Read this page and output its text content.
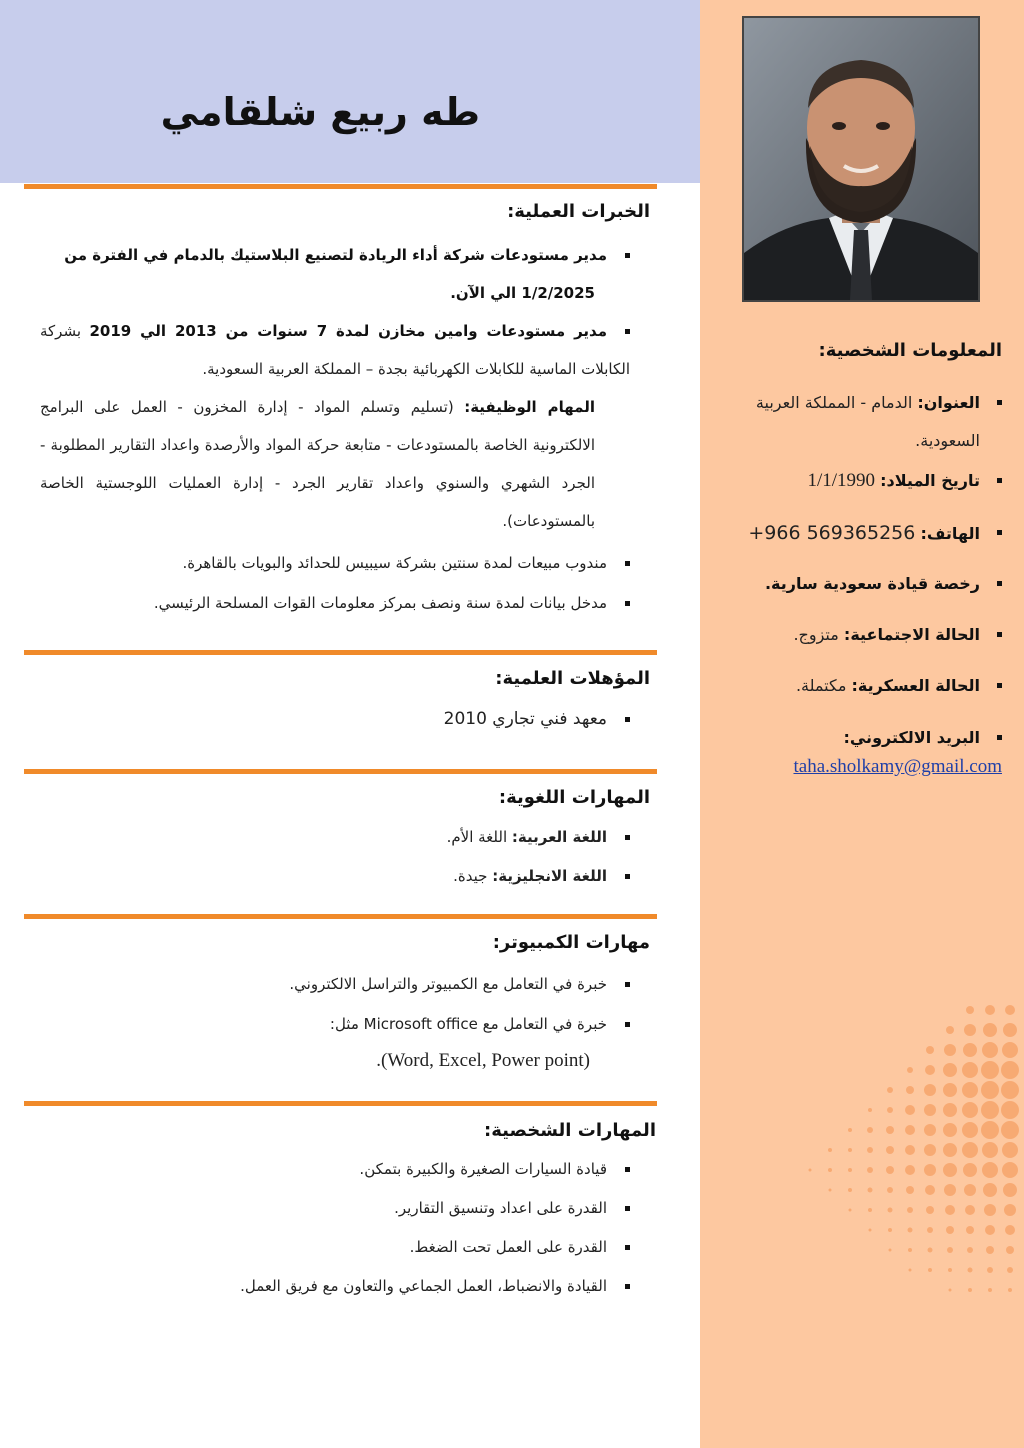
طه ربيع شلقامي
المعلومات الشخصية:
العنوان: الدمام - المملكة العربية السعودية.
تاريخ الميلاد: 1/1/1990
الهاتف: +966 569365256
رخصة قيادة سعودية سارية.
الحالة الاجتماعية: متزوج.
الحالة العسكرية: مكتملة.
البريد الالكتروني:
taha.sholkamy@gmail.com
الخبرات العملية:
مدير مستودعات شركة أداء الريادة لتصنيع البلاستيك بالدمام في الفترة من
1/2/2025 الي الآن.
مدير مستودعات وامين مخازن لمدة 7 سنوات من 2013 الي 2019 بشركة الكابلات الماسية للكابلات الكهربائية بجدة – المملكة العربية السعودية.
المهام الوظيفية: (تسليم وتسلم المواد - إدارة المخزون - العمل على البرامج الالكترونية الخاصة بالمستودعات - متابعة حركة المواد والأرصدة واعداد التقارير المطلوبة - الجرد الشهري والسنوي واعداد تقارير الجرد - إدارة العمليات اللوجستية الخاصة بالمستودعات).
مندوب مبيعات لمدة سنتين بشركة سيبيس للحدائد والبويات بالقاهرة.
مدخل بيانات لمدة سنة ونصف بمركز معلومات القوات المسلحة الرئيسي.
المؤهلات العلمية:
معهد فني تجاري 2010
المهارات اللغوية:
اللغة العربية: اللغة الأم.
اللغة الانجليزية: جيدة.
مهارات الكمبيوتر:
خبرة في التعامل مع الكمبيوتر والتراسل الالكتروني.
خبرة في التعامل مع Microsoft office مثل:
.(Word, Excel, Power point)
المهارات الشخصية:
قيادة السيارات الصغيرة والكبيرة بتمكن.
القدرة على اعداد وتنسيق التقارير.
القدرة على العمل تحت الضغط.
القيادة والانضباط، العمل الجماعي والتعاون مع فريق العمل.
